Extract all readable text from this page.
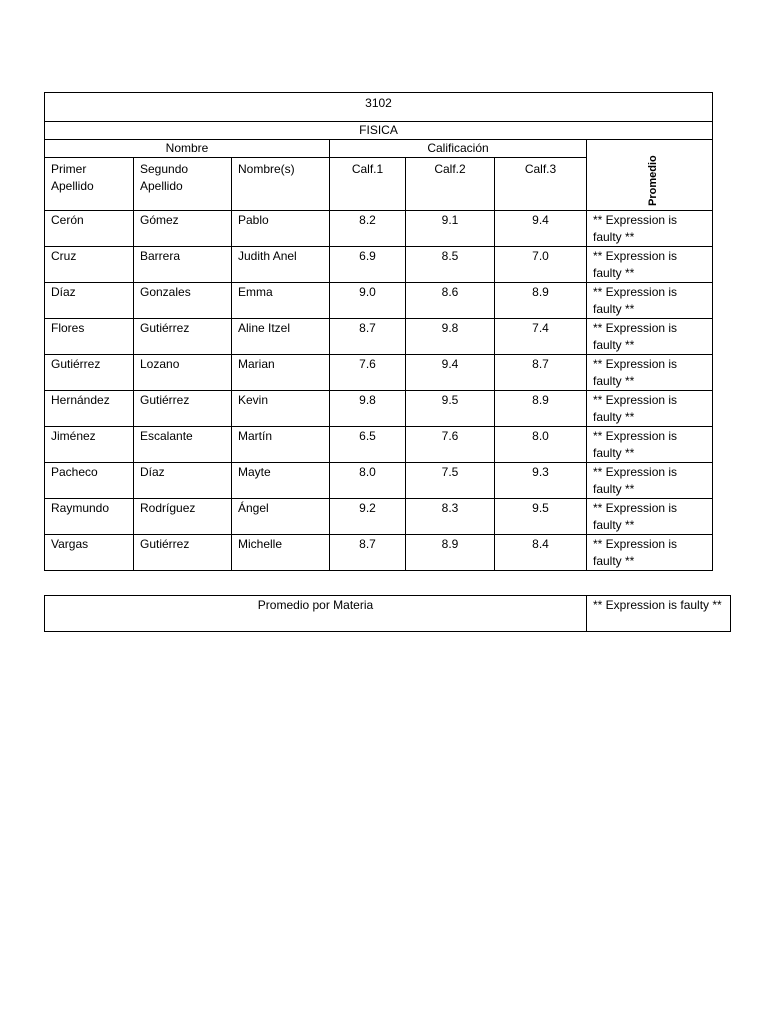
3102						
FISICA						
Nombre			Calificación			Promedio

Primer Apellido	Segundo Apellido	Nombre(s)	Calf.1	Calf.2	Calf.3	
Cerón	Gómez	Pablo	8.2	9.1	9.4	** Expression is faulty **
Cruz	Barrera	Judith Anel	6.9	8.5	7.0	** Expression is faulty **
Díaz	Gonzales	Emma	9.0	8.6	8.9	** Expression is faulty **
Flores	Gutiérrez	Aline Itzel	8.7	9.8	7.4	** Expression is faulty **
Gutiérrez	Lozano	Marian	7.6	9.4	8.7	** Expression is faulty **
Hernández	Gutiérrez	Kevin	9.8	9.5	8.9	** Expression is faulty **
Jiménez	Escalante	Martín	6.5	7.6	8.0	** Expression is faulty **
Pacheco	Díaz	Mayte	8.0	7.5	9.3	** Expression is faulty **
Raymundo	Rodríguez	Ángel	9.2	8.3	9.5	** Expression is faulty **
Vargas	Gutiérrez	Michelle	8.7	8.9	8.4	** Expression is faulty **
Promedio por Materia	** Expression is faulty **
